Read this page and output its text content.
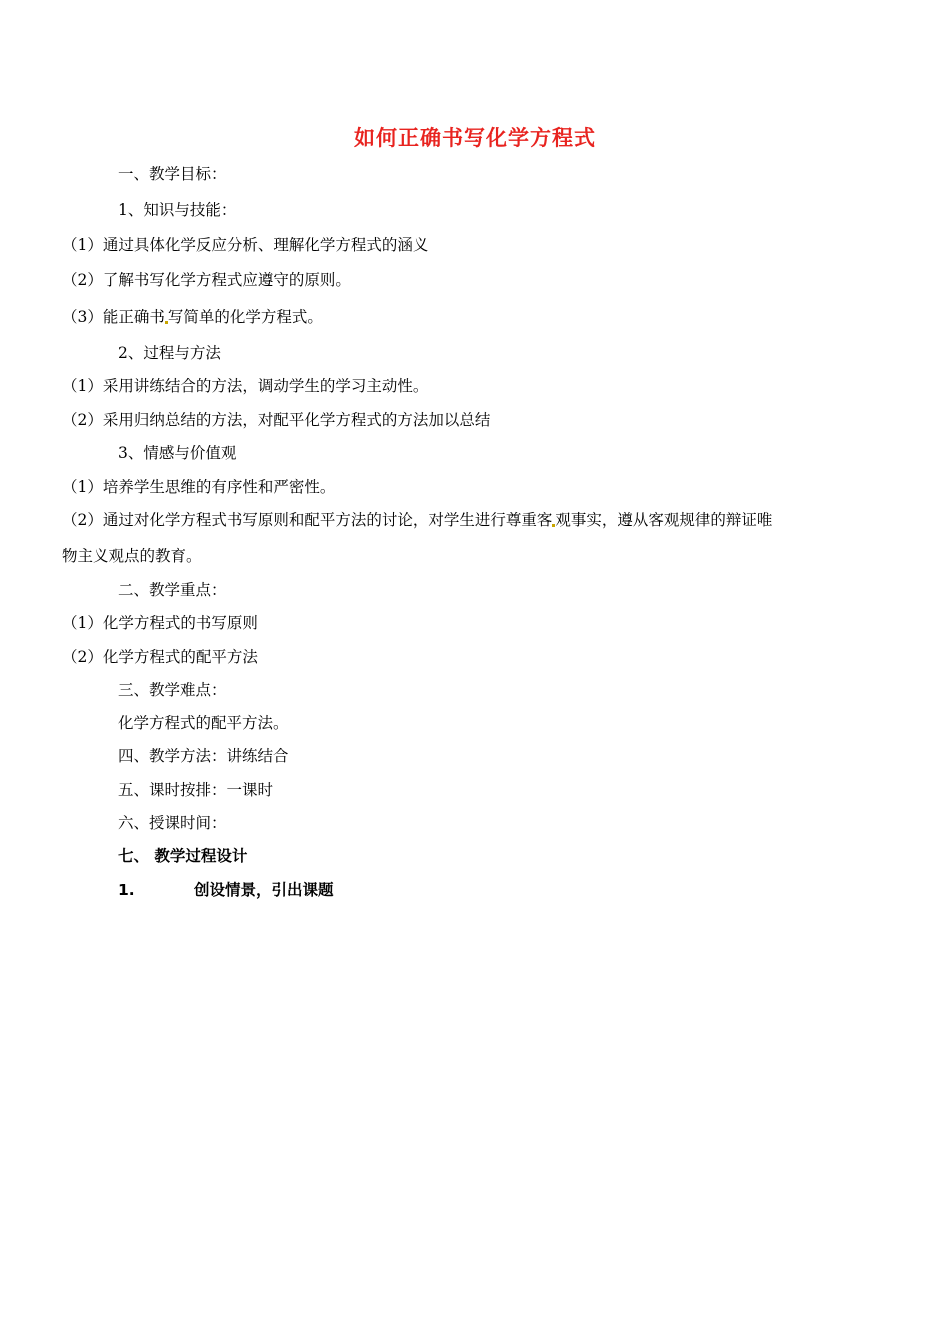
如何正确书写化学方程式
一、教学目标：
1、知识与技能：
（1）通过具体化学反应分析、理解化学方程式的涵义
（2）了解书写化学方程式应遵守的原则。
（3）能正确书 写简单的化学方程式。
2、过程与方法
（1）采用讲练结合的方法，调动学生的学习主动性。
（2）采用归纳总结的方法，对配平化学方程式的方法加以总结
3、情感与价值观
（1）培养学生思维的有序性和严密性。
（2）通过对化学方程式书写原则和配平方法的讨论，对学生进行尊重客 观事实，遵从客观规律的辩证唯
物主义观点的教育。
二、教学重点：
（1）化学方程式的书写原则
（2）化学方程式的配平方法
三、教学难点：
化学方程式的配平方法。
四、教学方法：讲练结合
五、课时按排：一课时
六、授课时间：
七、 教学过程设计
1.	创设情景，引出课题
